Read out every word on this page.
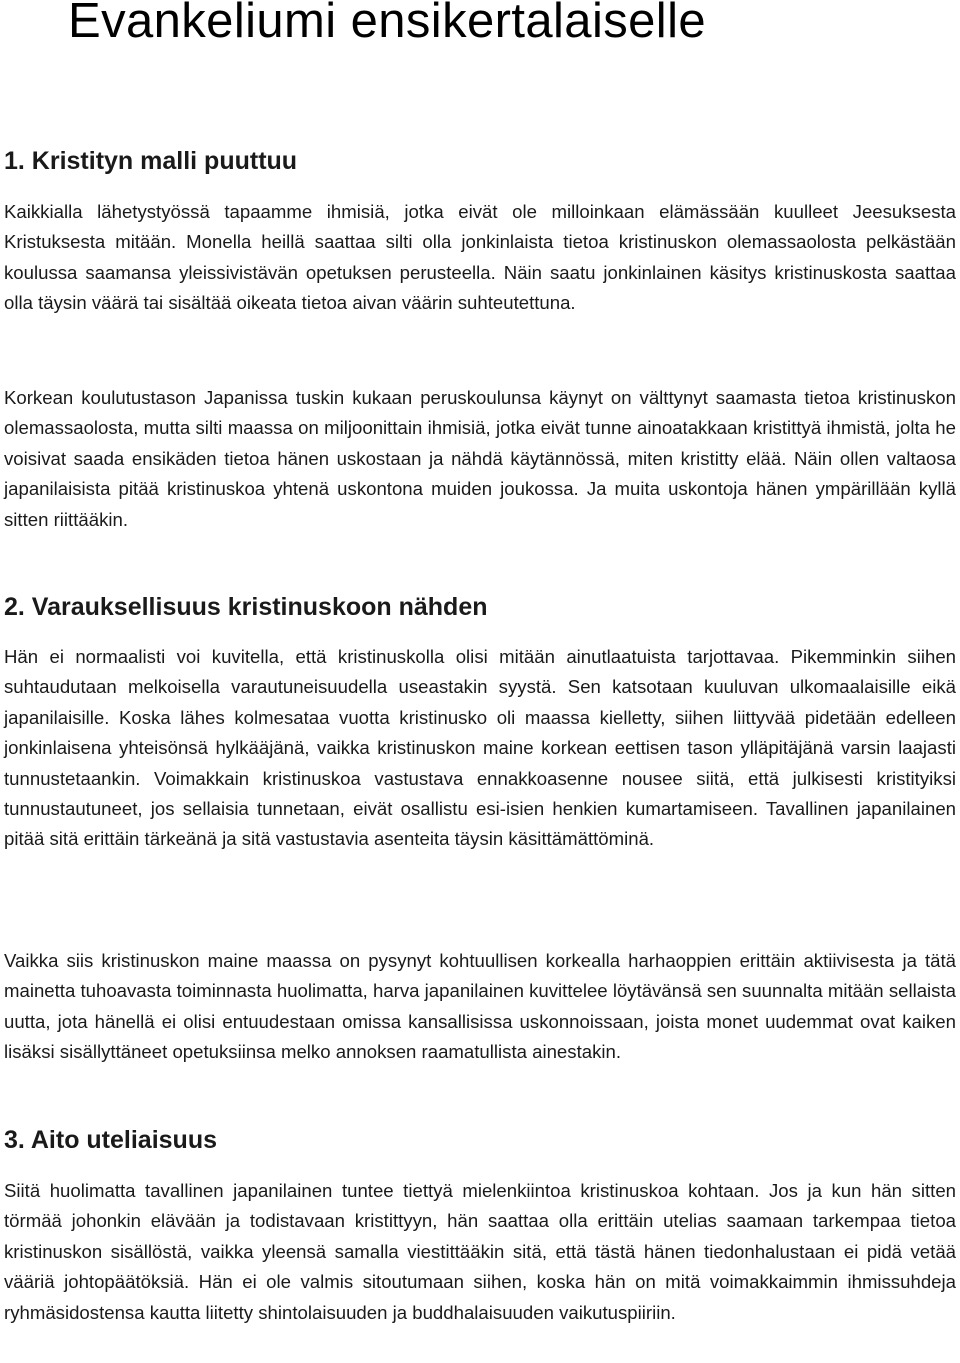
Evankeliumi ensikertalaiselle
1. Kristityn malli puuttuu

Kaikkialla lähetystyössä tapaamme ihmisiä, jotka eivät ole milloinkaan elämässään kuulleet Jeesuksesta Kristuksesta mitään. Monella heillä saattaa silti olla jonkinlaista tietoa kristinuskon olemassaolosta pelkästään koulussa saamansa yleissivistävän opetuksen perusteella. Näin saatu jonkinlainen käsitys kristinuskosta saattaa olla täysin väärä tai sisältää oikeata tietoa aivan väärin suhteutettuna.

Korkean koulutustason Japanissa tuskin kukaan peruskoulunsa käynyt on välttynyt saamasta tietoa kristinuskon olemassaolosta, mutta silti maassa on miljoonittain ihmisiä, jotka eivät tunne ainoatakkaan kristittyä ihmistä, jolta he voisivat saada ensikäden tietoa hänen uskostaan ja nähdä käytännössä, miten kristitty elää. Näin ollen valtaosa japanilaisista pitää kristinuskoa yhtenä uskontona muiden joukossa. Ja muita uskontoja hänen ympärillään kyllä sitten riittääkin.

2. Varauksellisuus kristinuskoon nähden

Hän ei normaalisti voi kuvitella, että kristinuskolla olisi mitään ainutlaatuista tarjottavaa. Pikemminkin siihen suhtaudutaan melkoisella varautuneisuudella useastakin syystä. Sen katsotaan kuuluvan ulkomaalaisille eikä japanilaisille. Koska lähes kolmesataa vuotta kristinusko oli maassa kielletty, siihen liittyvää pidetään edelleen jonkinlaisena yhteisönsä hylkääjänä, vaikka kristinuskon maine korkean eettisen tason ylläpitäjänä varsin laajasti tunnustetaankin. Voimakkain kristinuskoa vastustava ennakkoasenne nousee siitä, että julkisesti kristityiksi tunnustautuneet, jos sellaisia tunnetaan, eivät osallistu esi-isien henkien kumartamiseen. Tavallinen japanilainen pitää sitä erittäin tärkeänä ja sitä vastustavia asenteita täysin käsittämättöminä.

Vaikka siis kristinuskon maine maassa on pysynyt kohtuullisen korkealla harhaoppien erittäin aktiivisesta ja tätä mainetta tuhoavasta toiminnasta huolimatta, harva japanilainen kuvittelee löytävänsä sen suunnalta mitään sellaista uutta, jota hänellä ei olisi entuudestaan omissa kansallisissa uskonnoissaan, joista monet uudemmat ovat kaiken lisäksi sisällyttäneet opetuksiinsa melko annoksen raamatullista ainestakin.

3. Aito uteliaisuus

Siitä huolimatta tavallinen japanilainen tuntee tiettyä mielenkiintoa kristinuskoa kohtaan. Jos ja kun hän sitten törmää johonkin elävään ja todistavaan kristittyyn, hän saattaa olla erittäin utelias saamaan tarkempaa tietoa kristinuskon sisällöstä, vaikka yleensä samalla viestittääkin sitä, että tästä hänen tiedonhalustaan ei pidä vetää vääriä johtopäätöksiä. Hän ei ole valmis sitoutumaan siihen, koska hän on mitä voimakkaimmin ihmissuhdeja ryhmäsidostensa kautta liitetty shintolaisuuden ja buddhalaisuuden vaikutuspiiriin.
